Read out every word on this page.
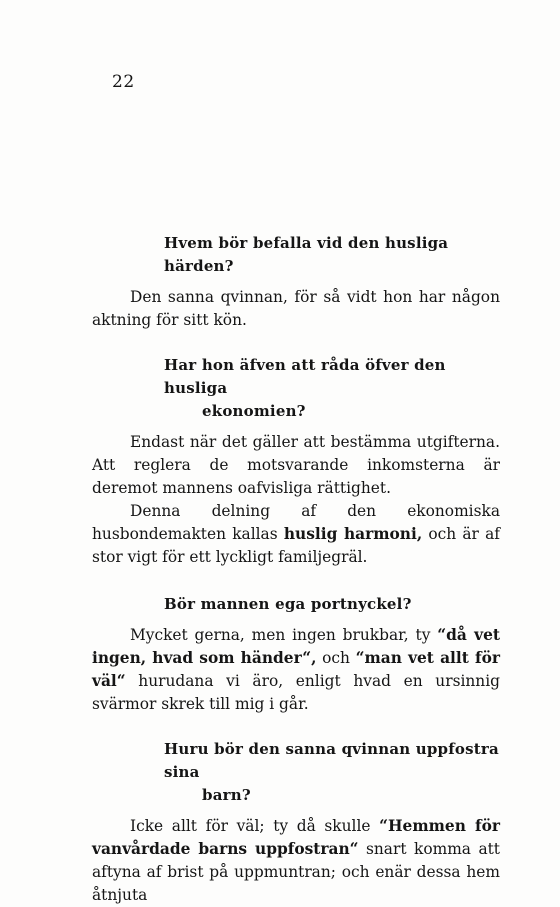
22
Hvem bör befalla vid den husliga härden?

Den sanna qvinnan, för så vidt hon har någon aktning för sitt kön.

Har hon äfven att råda öfver den husliga
ekonomien?

Endast när det gäller att bestämma utgifterna. Att reglera de motsvarande inkomsterna är deremot mannens oafvisliga rättighet.

Denna delning af den ekonomiska husbondemakten kallas huslig harmoni, och är af stor vigt för ett lyckligt familjegräl.

Bör mannen ega portnyckel?

Mycket gerna, men ingen brukbar, ty “då vet ingen, hvad som händer“, och “man vet allt för väl“ hurudana vi äro, enligt hvad en ursinnig svärmor skrek till mig i går.

Huru bör den sanna qvinnan uppfostra sina
barn?

Icke allt för väl; ty då skulle “Hemmen för vanvårdade barns uppfostran“ snart komma att aftyna af brist på uppmuntran; och enär dessa hem åtnjuta
